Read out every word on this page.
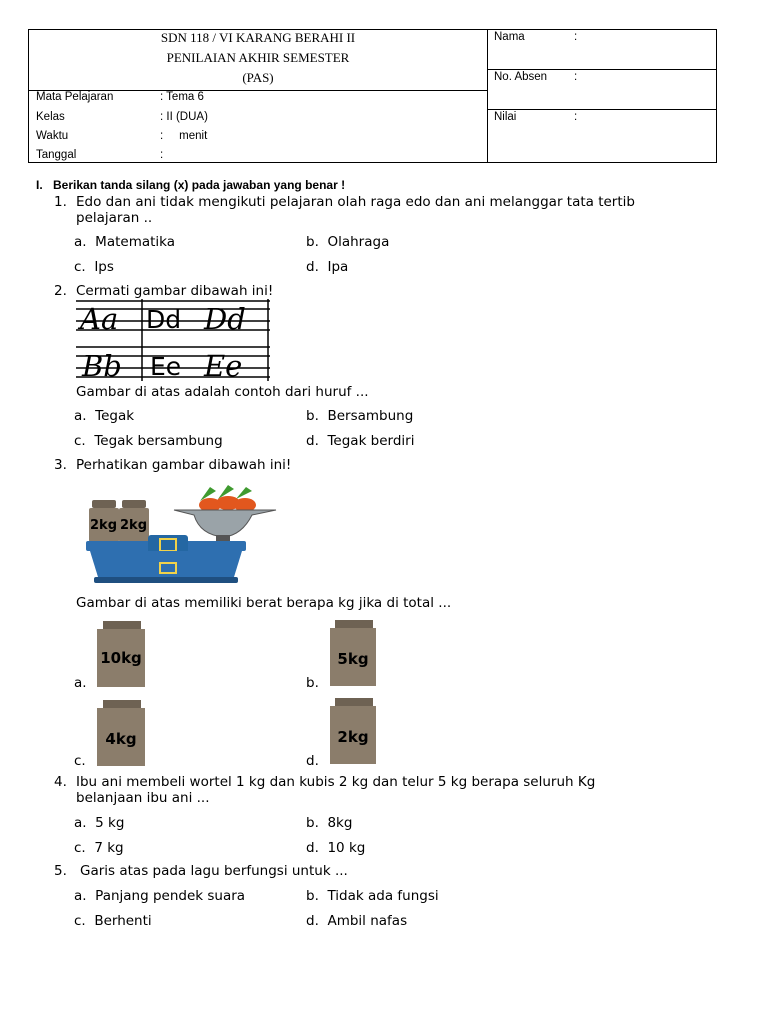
SDN 118 / VI KARANG BERAHI II
PENILAIAN AKHIR SEMESTER
(PAS)
Mata Pelajaran	: Tema 6
Kelas	: II (DUA)
Waktu	:     menit
Tanggal	:
Nama	:
No. Absen :
Nilai	:
I. Berikan tanda silang (x) pada jawaban yang benar !
1. Edo dan ani tidak mengikuti pelajaran olah raga edo dan ani melanggar tata tertib
pelajaran ..
a. Matematika	b. Olahraga
c. Ips	d. Ipa
2. Cermati gambar dibawah ini!
Aa Dd Dd
Bb Ee Ee
Gambar di atas adalah contoh dari huruf ...
a. Tegak	b. Bersambung
c. Tegak bersambung	d. Tegak berdiri
3. Perhatikan gambar dibawah ini!
2kg 2kg
Gambar di atas memiliki berat berapa kg jika di total ...
a.
10kg
b.
5kg
c.
4kg
d.
2kg
4. Ibu ani membeli wortel 1 kg dan kubis 2 kg dan telur 5 kg berapa seluruh Kg
belanjaan ibu ani ...
a. 5 kg	b. 8kg
c. 7 kg	d. 10 kg
5. Garis atas pada lagu berfungsi untuk ...
a. Panjang pendek suara	b. Tidak ada fungsi
c. Berhenti	d. Ambil nafas
